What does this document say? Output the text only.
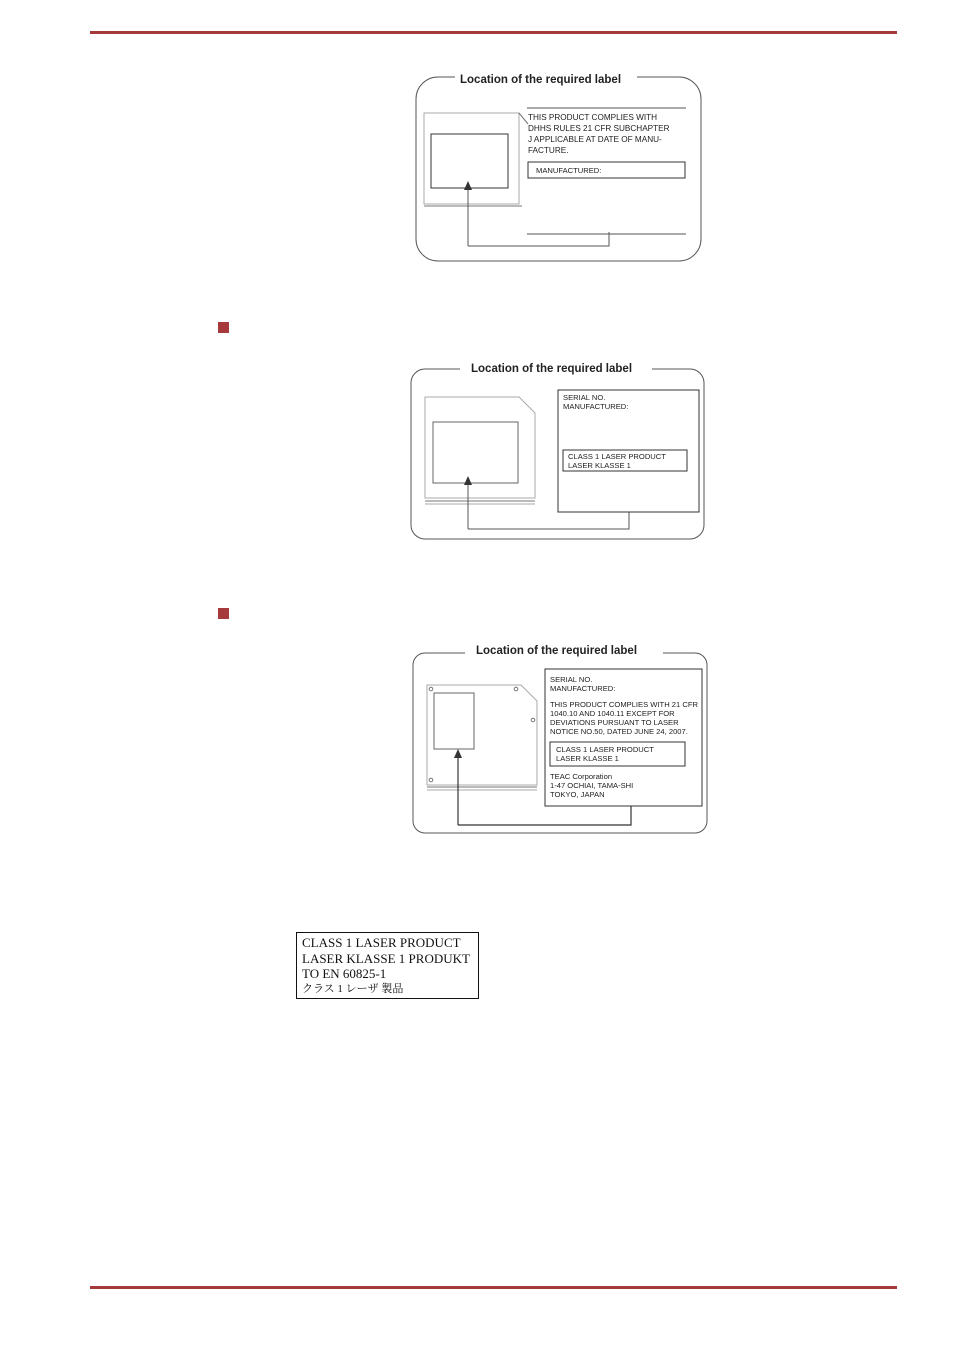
Location of the required label
THIS PRODUCT COMPLIES WITH
DHHS RULES 21 CFR SUBCHAPTER
J APPLICABLE AT DATE OF MANU-
FACTURE.
MANUFACTURED:
Location of the required label
SERIAL NO.
MANUFACTURED:
CLASS 1 LASER PRODUCT
LASER KLASSE 1
Location of the required label
SERIAL NO.
MANUFACTURED:
THIS PRODUCT COMPLIES WITH 21 CFR
1040.10 AND 1040.11 EXCEPT FOR
DEVIATIONS PURSUANT TO LASER
NOTICE NO.50, DATED JUNE 24, 2007.
CLASS 1 LASER PRODUCT
LASER KLASSE 1
TEAC Corporation
1-47 OCHIAI, TAMA-SHI
TOKYO, JAPAN
CLASS 1 LASER PRODUCT
LASER KLASSE 1 PRODUKT
TO EN 60825-1
クラス 1 レーザ 製品
